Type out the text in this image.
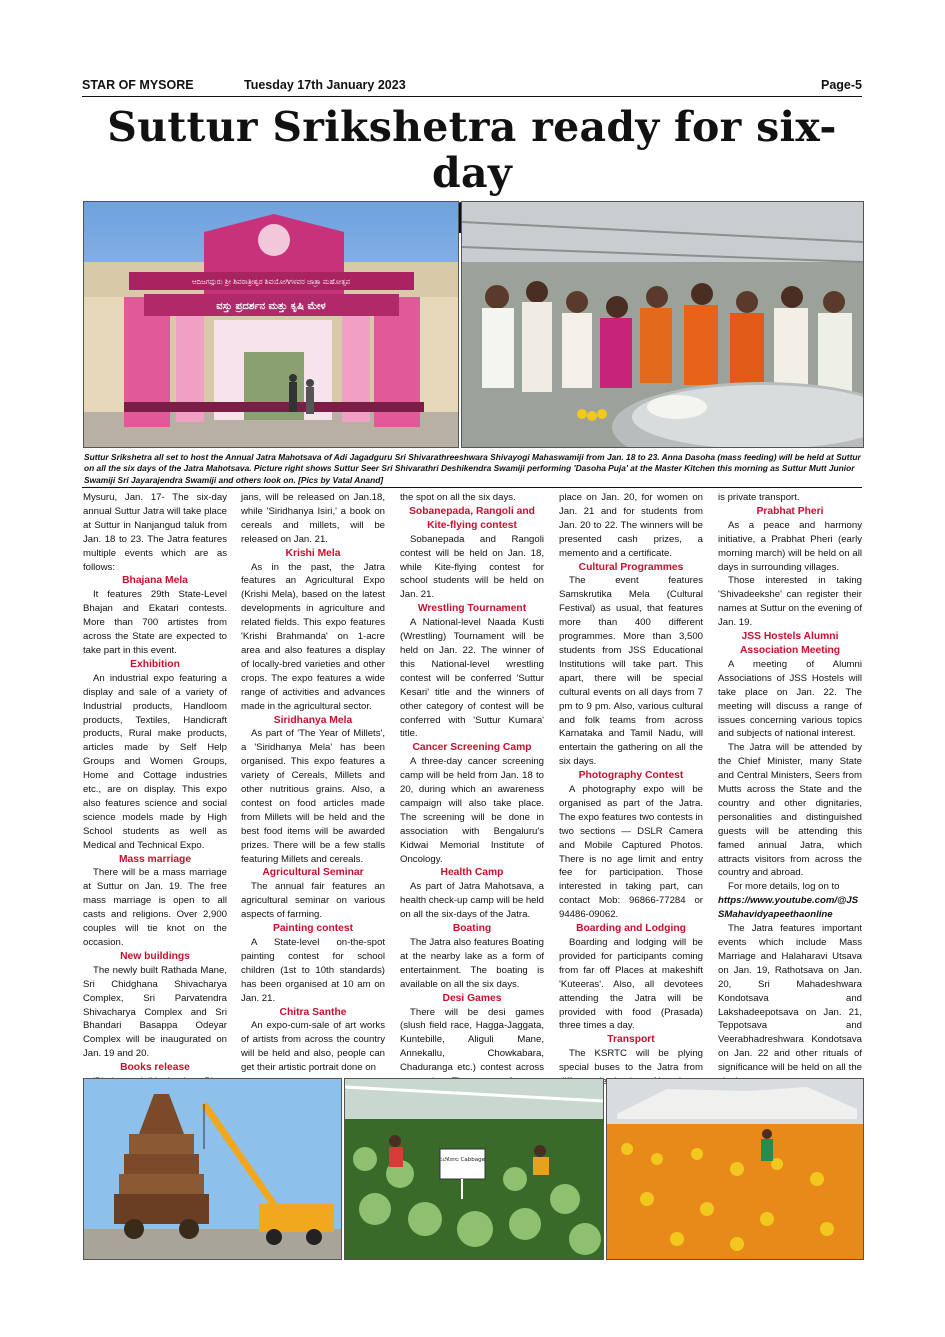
STAR OF MYSORE	Tuesday 17th January 2023	Page-5
Suttur Srikshetra ready for six-day
ಆದಿಜಗದ್ಗುರು ಶ್ರೀ ಶಿವರಾತ್ರೀಶ್ವರ ಶಿವಯೋಗಿಗಳವರ ಜಾತ್ರಾ ಮಹೋತ್ಸವ
ವಸ್ತು ಪ್ರದರ್ಶನ ಮತ್ತು ಕೃಷಿ ಮೇಳ
Suttur Srikshetra all set to host the Annual Jatra Mahotsava of Adi Jagadguru Sri Shivarathreeshwara Shivayogi Mahaswamiji from Jan. 18 to 23. Anna Dasoha (mass feeding) will be held at Suttur on all the six days of the Jatra Mahotsava. Picture right shows Suttur Seer Sri Shivarathri Deshikendra Swamiji performing 'Dasoha Puja' at the Master Kitchen this morning as Suttur Mutt Junior Swamiji Sri Jayarajendra Swamiji and others look on. [Pics by Vatal Anand]

Mysuru, Jan. 17- The six-day annual Suttur Jatra will take place at Suttur in Nanjangud taluk from Jan. 18 to 23. The Jatra features multiple events which are as follows:

Bhajana Mela

It features 29th State-Level Bhajan and Ekatari contests. More than 700 artistes from across the State are expected to take part in this event.

Exhibition

An industrial expo featuring a display and sale of a variety of Industrial products, Handloom products, Textiles, Handicraft products, Rural make products, articles made by Self Help Groups and Women Groups, Home and Cottage industries etc., are on display. This expo also features science and social science models made by High School students as well as Medical and Technical Expo.

Mass marriage

There will be a mass marriage at Suttur on Jan. 19. The free mass marriage is open to all casts and religions. Over 2,900 couples will tie knot on the occasion.

New buildings

The newly built Rathada Mane, Sri Chidghana Shivacharya Complex, Sri Parvatendra Shivacharya Complex and Sri Bhandari Basappa Odeyar Complex will be inaugurated on Jan. 19 and 20.

Books release

jans, will be released on Jan.18, while 'Siridhanya Isiri,' a book on cereals and millets, will be released on Jan. 21.

Krishi Mela

As in the past, the Jatra features an Agricultural Expo (Krishi Mela), based on the latest developments in agriculture and related fields. This expo features 'Krishi Brahmanda' on 1-acre area and also features a display of locally-bred varieties and other crops. The expo features a wide range of activities and advances made in the agricultural sector.

Siridhanya Mela

As part of 'The Year of Millets', a 'Siridhanya Mela' has been organised. This expo features a variety of Cereals, Millets and other nutritious grains. Also, a contest on food articles made from Millets will be held and the best food items will be awarded prizes. There will be a few stalls featuring Millets and cereals.

Agricultural Seminar

The annual fair features an agricultural seminar on various aspects of farming.

Painting contest

A State-level on-the-spot painting contest for school children (1st to 10th standards) has been organised at 10 am on Jan. 21.

Chitra Santhe

An expo-cum-sale of art works of artists from across the country will be held and also, people can get their artistic portrait done on

the spot on all the six days.

Sobanepada, Rangoli and Kite-flying contest

Sobanepada and Rangoli contest will be held on Jan. 18, while Kite-flying contest for school students will be held on Jan. 21.

Wrestling Tournament

A National-level Naada Kusti (Wrestling) Tournament will be held on Jan. 22. The winner of this National-level wrestling contest will be conferred 'Suttur Kesari' title and the winners of other category of contest will be conferred with 'Suttur Kumara' title.

Cancer Screening Camp

A three-day cancer screening camp will be held from Jan. 18 to 20, during which an awareness campaign will also take place. The screening will be done in association with Bengaluru's Kidwai Memorial Institute of Oncology.

Health Camp

As part of Jatra Mahotsava, a health check-up camp will be held on all the six-days of the Jatra.

Boating

The Jatra also features Boating at the nearby lake as a form of entertainment. The boating is available on all the six days.

Desi Games

There will be desi games (slush field race, Hagga-Jaggata, Kuntebille, Aliguli Mane, Annekallu, Chowkabara, Chaduranga etc.) contest across

place on Jan. 20, for women on Jan. 21 and for students from Jan. 20 to 22. The winners will be presented cash prizes, a memento and a certificate.

Cultural Programmes

The event features Samskrutika Mela (Cultural Festival) as usual, that features more than 400 different programmes. More than 3,500 students from JSS Educational Institutions will take part. This apart, there will be special cultural events on all days from 7 pm to 9 pm. Also, various cultural and folk teams from across Karnataka and Tamil Nadu, will entertain the gathering on all the six days.

Photography Contest

A photography expo will be organised as part of the Jatra. The expo features two contests in two sections — DSLR Camera and Mobile Captured Photos. There is no age limit and entry fee for participation. Those interested in taking part, can contact Mob: 96866-77284 or 94486-09062.

Boarding and Lodging

Boarding and lodging will be provided for participants coming from far off Places at makeshift 'Kuteeras'. Also, all devotees attending the Jatra will be provided with food (Prasada) three times a day.

Transport

The KSRTC will be plying special buses to the Jatra from

is private transport.

Prabhat Pheri

As a peace and harmony initiative, a Prabhat Pheri (early morning march) will be held on all days in surrounding villages.

Those interested in taking 'Shivadeekshe' can register their names at Suttur on the evening of Jan. 19.

JSS Hostels Alumni Association Meeting

A meeting of Alumni Associations of JSS Hostels will take place on Jan. 22. The meeting will discuss a range of issues concerning various topics and subjects of national interest.

The Jatra will be attended by the Chief Minister, many State and Central Ministers, Seers from Mutts across the State and the country and other dignitaries, personalities and distinguished guests will be attending this famed annual Jatra, which attracts visitors from across the country and abroad.

For more details, log on to

https://www.youtube.com/@JSSMahavidyapeethaonline

The Jatra features important events which include Mass Marriage and Halaharavi Utsava on Jan. 19, Rathotsava on Jan. 20, Sri Mahadeshwara Kondotsava and Lakshadeepotsava on Jan. 21, Teppotsava and Veerabhadreshwara Kondotsava on Jan. 22 and other rituals of significance will be held on all the

ಎಲೆಕೋಸು Cabbage
